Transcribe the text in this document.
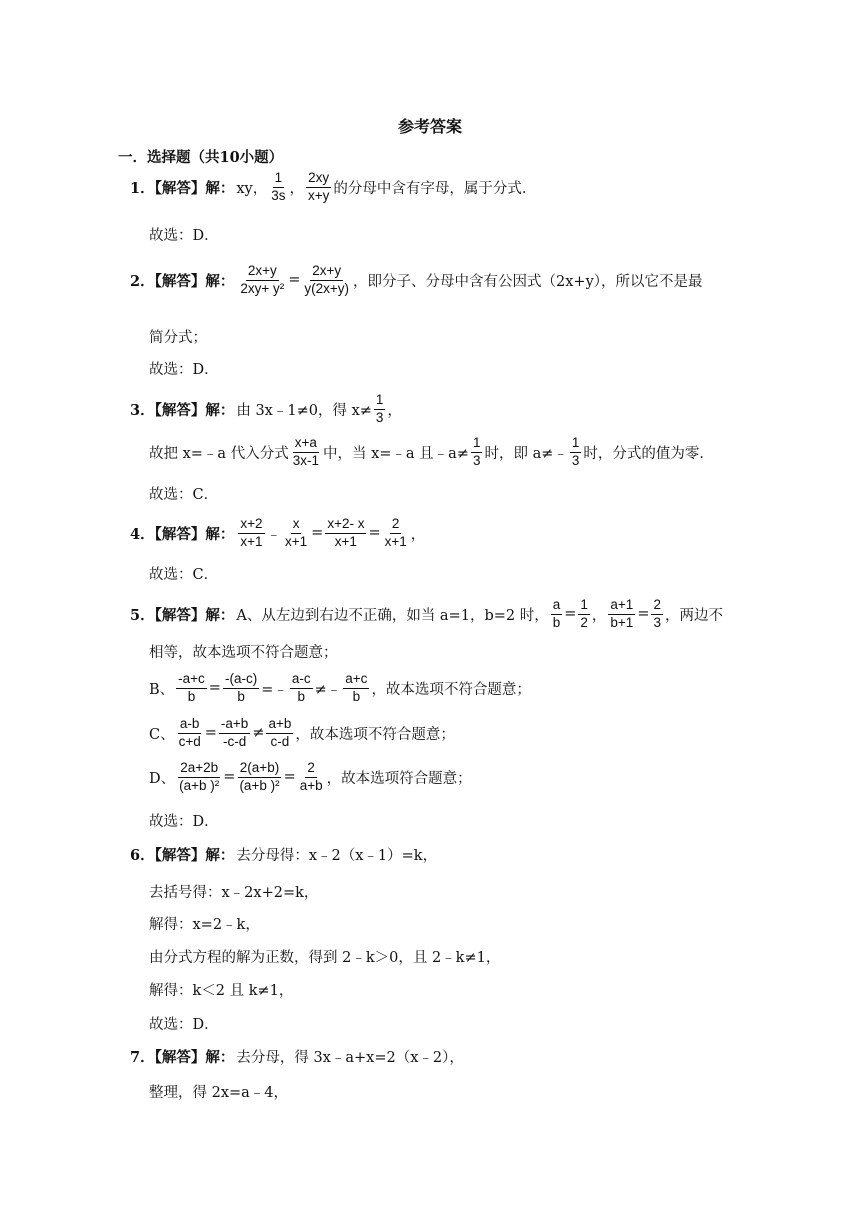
参考答案
一．选择题（共10小题）
1．【解答】解： xy， $\frac{1}{3s}$ ， $\frac{2xy}{x+y}$ 的分母中含有字母，属于分式．
故选：D．
2．【解答】解： $\frac{2x+y}{\text{2xy+ y²}} = \frac{2x+y}{y(2x+y)}$ ，即分子、分母中含有公因式（2x+y），所以它不是最
简分式；
故选：D．
3．【解答】解： 由 3x﹣1≠0，得 $x\ne \frac{1}{3}$ ，
故把 x=﹣a 代入分式 $\frac{x+a}{3x-1}$ 中，当 x=﹣a 且﹣a≠ $\frac{1}{3}$ 时，即 a≠﹣ $\frac{1}{3}$ 时，分式的值为零．
故选：C．
4．【解答】解： $\frac{x+2}{x+1}$ ﹣ $\frac{x}{x+1} = \frac{x+2- x}{x+1} = \frac{2}{x+1}$ ，
故选：C．
5．【解答】解： A、从左边到右边不正确，如当 a=1，b=2 时， $\frac{a}{b} = \frac{1}{2}$ ， $\frac{a+1}{b+1} = \frac{2}{3}$ ，两边不
相等，故本选项不符合题意；
B、 $\frac{-a+c}{b} = \frac{-(a-c)}{b}$ =﹣ $\frac{a-c}{b}$ ≠﹣ $\frac{a+c}{b}$ ，故本选项不符合题意；
C、 $\frac{a-b}{c+d} = \frac{-a+b}{-c-d} \ne \frac{a+b}{c-d}$ ，故本选项不符合题意；
D、 $\frac{2a+2b}{\text{(a+b )²}} = \frac{2(a+b)}{\text{(a+b )²}} = \frac{2}{a+b}$ ，故本选项符合题意；
故选：D．
6．【解答】解： 去分母得：x﹣2（x﹣1）=k，
去括号得：x﹣2x+2=k，
解得：x=2﹣k，
由分式方程的解为正数，得到 2﹣k＞0，且 2﹣k≠1，
解得：k＜2 且 k≠1，
故选：D．
7．【解答】解： 去分母，得 3x﹣a+x=2（x﹣2），
整理，得 2x=a﹣4，
